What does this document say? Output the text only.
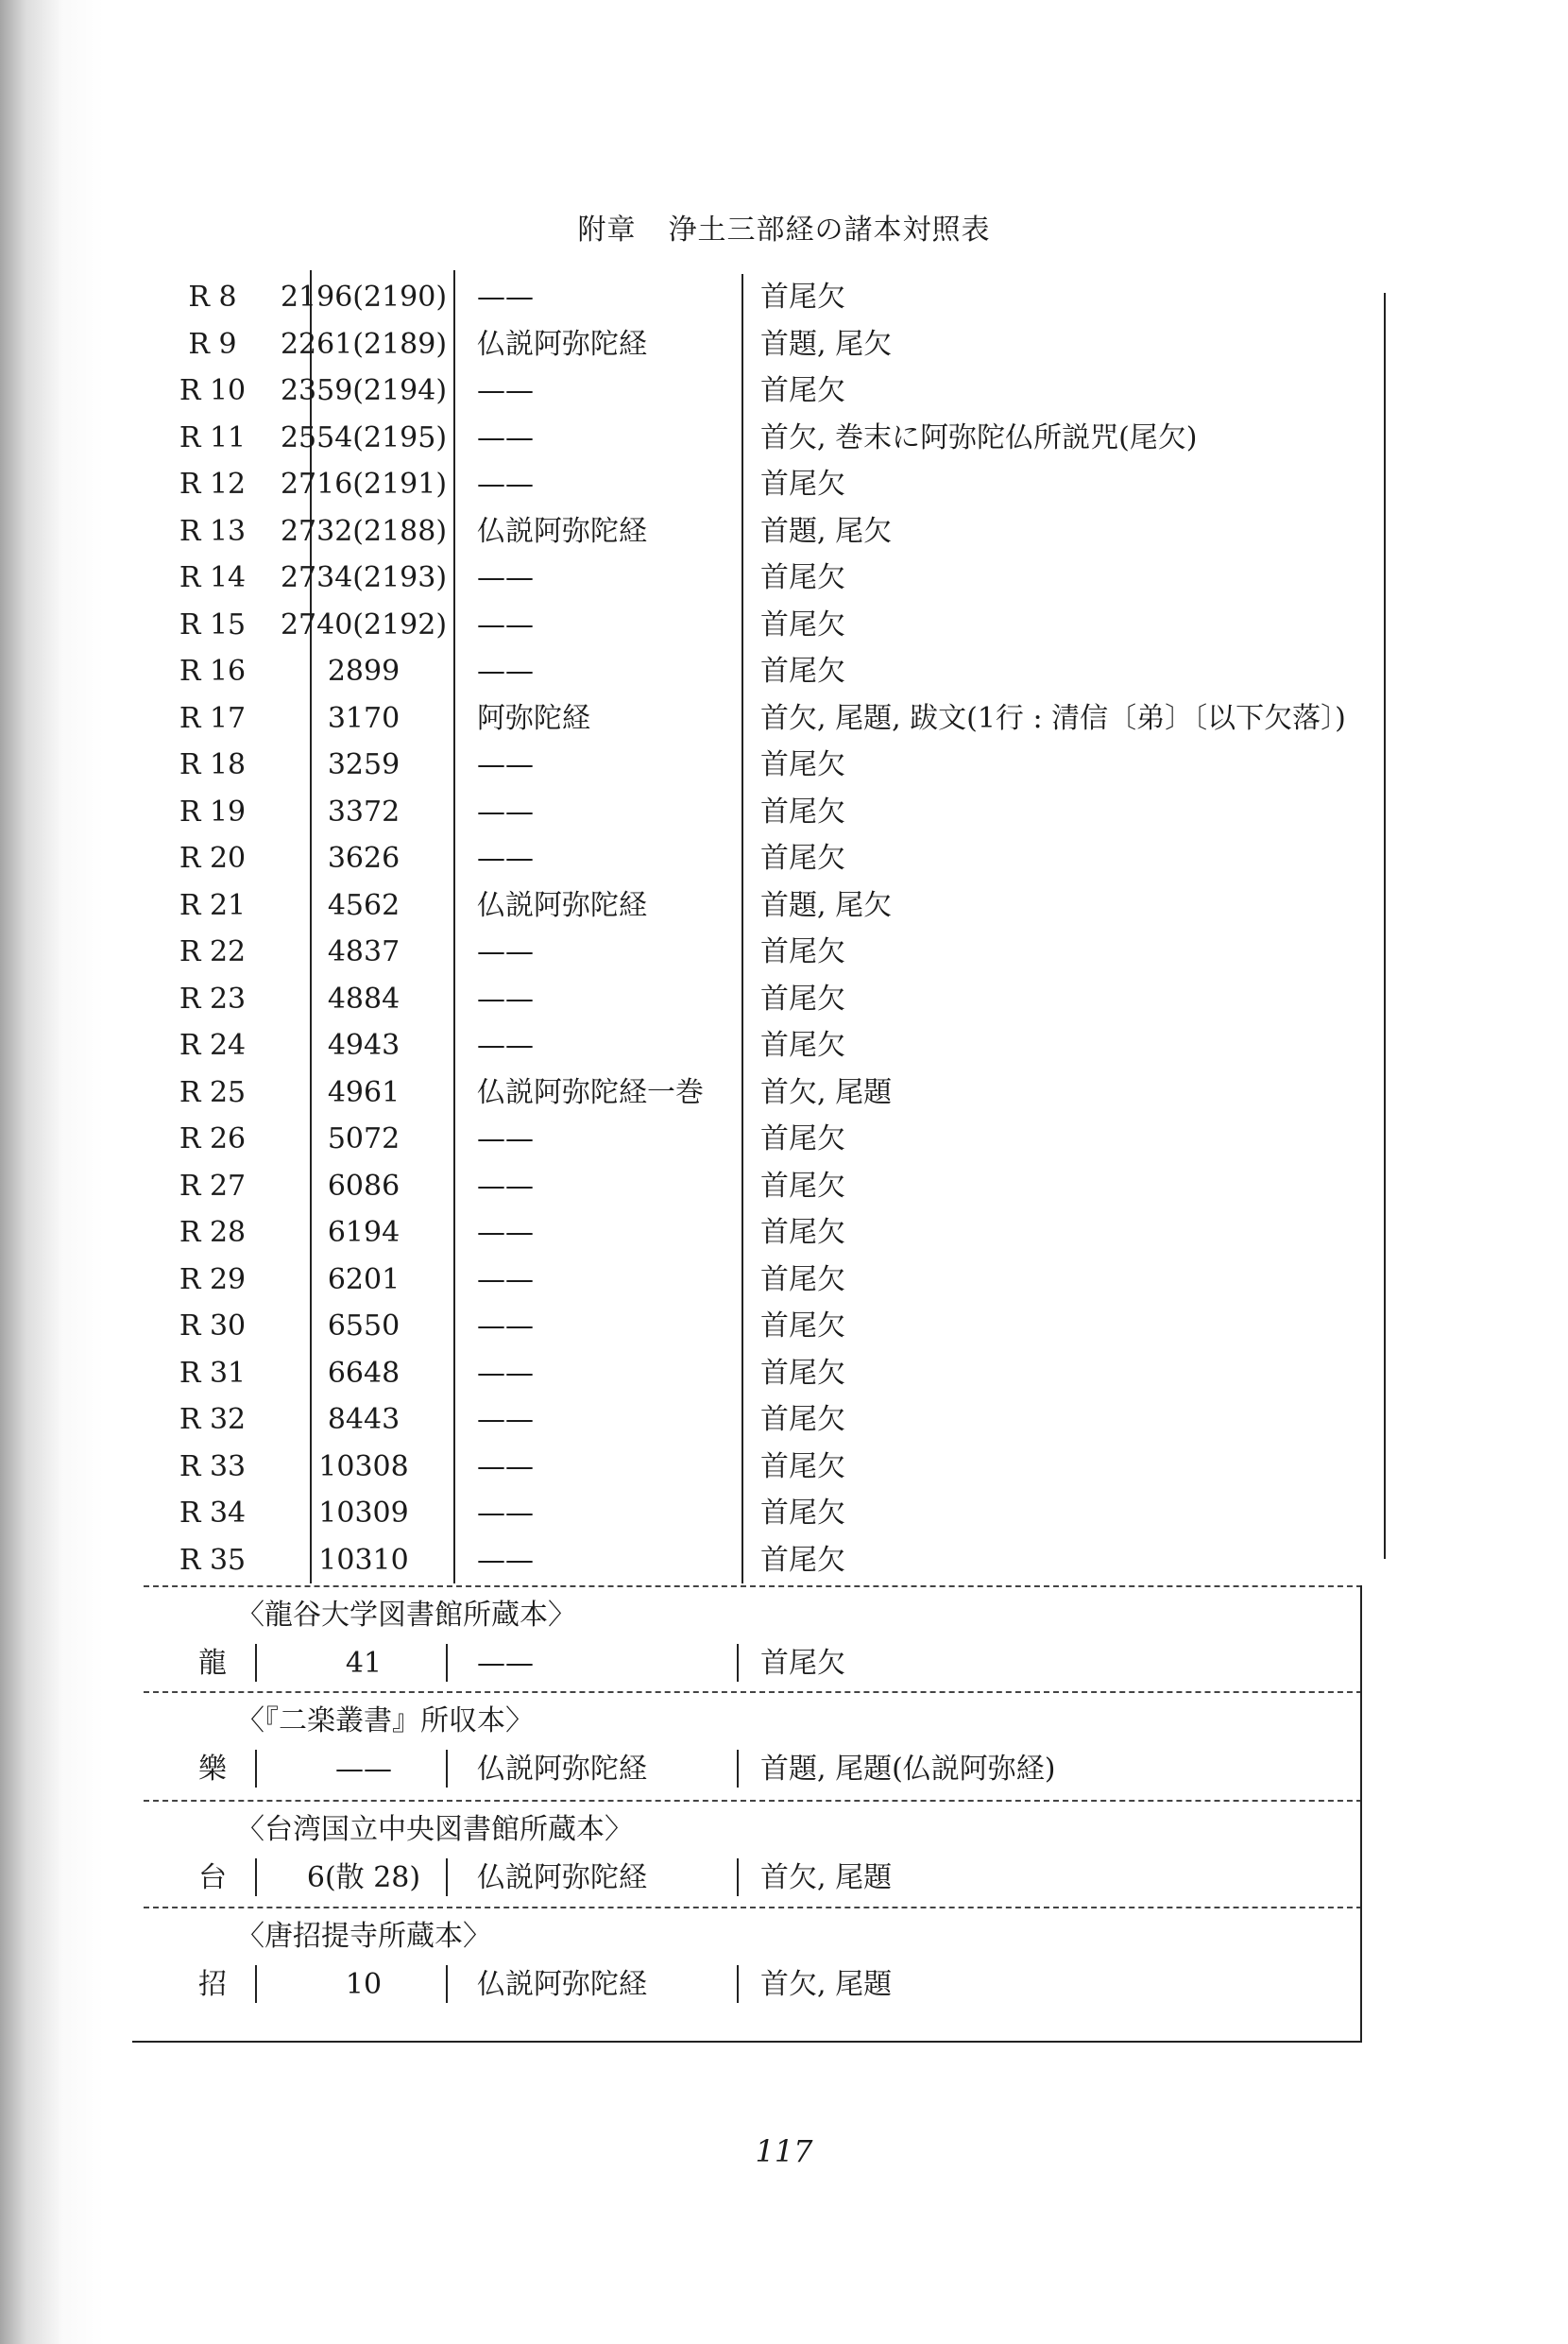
附章 浄土三部経の諸本対照表
R 8	2196(2190) ——	首尾欠
R 9	2261(2189) 仏説阿弥陀経	首題, 尾欠
R 10	2359(2194) ——	首尾欠
R 11	2554(2195) ——	首欠, 巻末に阿弥陀仏所説咒(尾欠)
R 12	2716(2191) ——	首尾欠
R 13	2732(2188) 仏説阿弥陀経	首題, 尾欠
R 14	2734(2193) ——	首尾欠
R 15	2740(2192) ——	首尾欠
R 16	2899	——	首尾欠
R 17	3170	阿弥陀経	首欠, 尾題, 跋文(1行 : 清信〔弟〕〔以下欠落〕)
R 18	3259	——	首尾欠
R 19	3372	——	首尾欠
R 20	3626	——	首尾欠
R 21	4562	仏説阿弥陀経	首題, 尾欠
R 22	4837	——	首尾欠
R 23	4884	——	首尾欠
R 24	4943	——	首尾欠
R 25	4961	仏説阿弥陀経一巻	首欠, 尾題
R 26	5072	——	首尾欠
R 27	6086	——	首尾欠
R 28	6194	——	首尾欠
R 29	6201	——	首尾欠
R 30	6550	——	首尾欠
R 31	6648	——	首尾欠
R 32	8443	——	首尾欠
R 33	10308	——	首尾欠
R 34	10309	——	首尾欠
R 35	10310	——	首尾欠
〈龍谷大学図書館所蔵本〉
龍	41	——	首尾欠
〈『二楽叢書』所収本〉
樂	——	仏説阿弥陀経	首題, 尾題(仏説阿弥経)
〈台湾国立中央図書館所蔵本〉
台	6(散 28)	仏説阿弥陀経	首欠, 尾題
〈唐招提寺所蔵本〉
招	10	仏説阿弥陀経	首欠, 尾題
117
